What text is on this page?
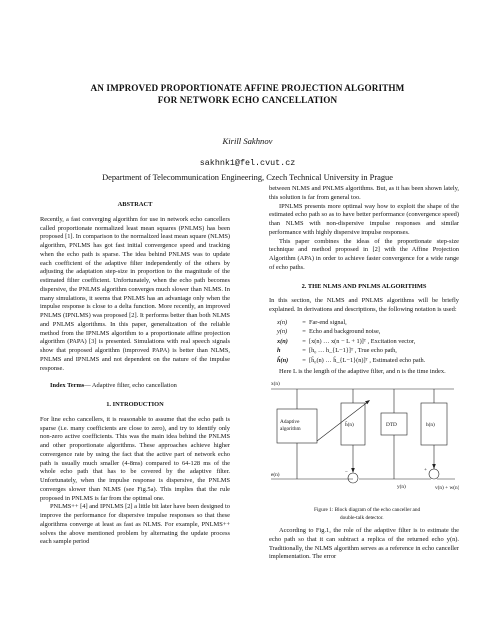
AN IMPROVED PROPORTIONATE AFFINE PROJECTION ALGORITHM
FOR NETWORK ECHO CANCELLATION
Kirill Sakhnov
sakhnk1@fel.cvut.cz
Department of Telecommunication Engineering, Czech Technical University in Prague
ABSTRACT

Recently, a fast converging algorithm for use in network echo cancellers called proportionate normalized least mean squares (PNLMS) has been proposed [1]. In comparison to the normalized least mean square (NLMS) algorithm, PNLMS has got fast initial convergence speed and tracking when the echo path is sparse. The idea behind PNLMS was to update each coefficient of the adaptive filter independently of the others by adjusting the adaptation step-size in proportion to the magnitude of the estimated filter coefficient. Unfortunately, when the echo path becomes dispersive, the PNLMS algorithm converges much slower than NLMS. In many simulations, it seems that PNLMS has an advantage only when the impulse response is close to a delta function. More recently, an improved PNLMS (IPNLMS) was proposed [2]. It performs better than both NLMS and PNLMS algorithms. In this paper, generalization of the reliable method from the IPNLMS algorithm to a proportionate affine projection algorithm (PAPA) [3] is presented. Simulations with real speech signals show that proposed algorithm (improved PAPA) is better than NLMS, PNLMS and IPNLMS and not dependent on the nature of the impulse response.

Index Terms— Adaptive filter, echo cancellation

1. INTRODUCTION

For line echo cancellers, it is reasonable to assume that the echo path is sparse (i.e. many coefficients are close to zero), and try to identify only non-zero active coefficients. This was the main idea behind the PNLMS and other proportionate algorithms. These approaches achieve higher convergence rate by using the fact that the active part of network echo path is usually much smaller (4-8ms) compared to 64-128 ms of the whole echo path that has to be covered by the adaptive filter. Unfortunately, when the impulse response is dispersive, the PNLMS converges slower than NLMS (see Fig.5a). This implies that the rule proposed in PNLMS is far from the optimal one.

PNLMS++ [4] and IPNLMS [2] a little bit later have been designed to improve the performance for dispersive impulse responses so that these algorithms converge at least as fast as NLMS. For example, PNLMS++ solves the above mentioned problem by alternating the update process each sample period

between NLMS and PNLMS algorithms. But, as it has been shown lately, this solution is far from general too.

IPNLMS presents more optimal way how to exploit the shape of the estimated echo path so as to have better performance (convergence speed) than NLMS with non-dispersive impulse responses and similar performance with highly dispersive impulse responses.

This paper combines the ideas of the proportionate step-size technique and method proposed in [2] with the Affine Projection Algorithm (APA) in order to achieve faster convergence for a wide range of echo paths.

2. THE NLMS AND PNLMS ALGORITHMS

In this section, the NLMS and PNLMS algorithms will be briefly explained. In derivations and descriptions, the following notation is used:

x(n)	= Far-end signal,
y(n)	= Echo and background noise,
x(n)	= [x(n) … x(n − L + 1)]ᵀ , Excitation vector,
h	= [h₀ … h_{L−1}]ᵀ , True echo path,
ĥ(n)	= [ĥ₀(n) … ĥ_{L−1}(n)]ᵀ , Estimated echo path.

Here L is the length of the adaptive filter, and n is the time index.

x(n)
Adaptive
algorithm
ĥ(n)	DTD	h(n)
e(n)
y(n)	v(n) + w(n)
−	+
Figure 1: Block diagram of the echo canceller and
double-talk detector.

According to Fig.1, the role of the adaptive filter is to estimate the echo path so that it can subtract a replica of the returned echo y(n). Traditionally, the NLMS algorithm serves as a reference in echo canceller implementation. The error
